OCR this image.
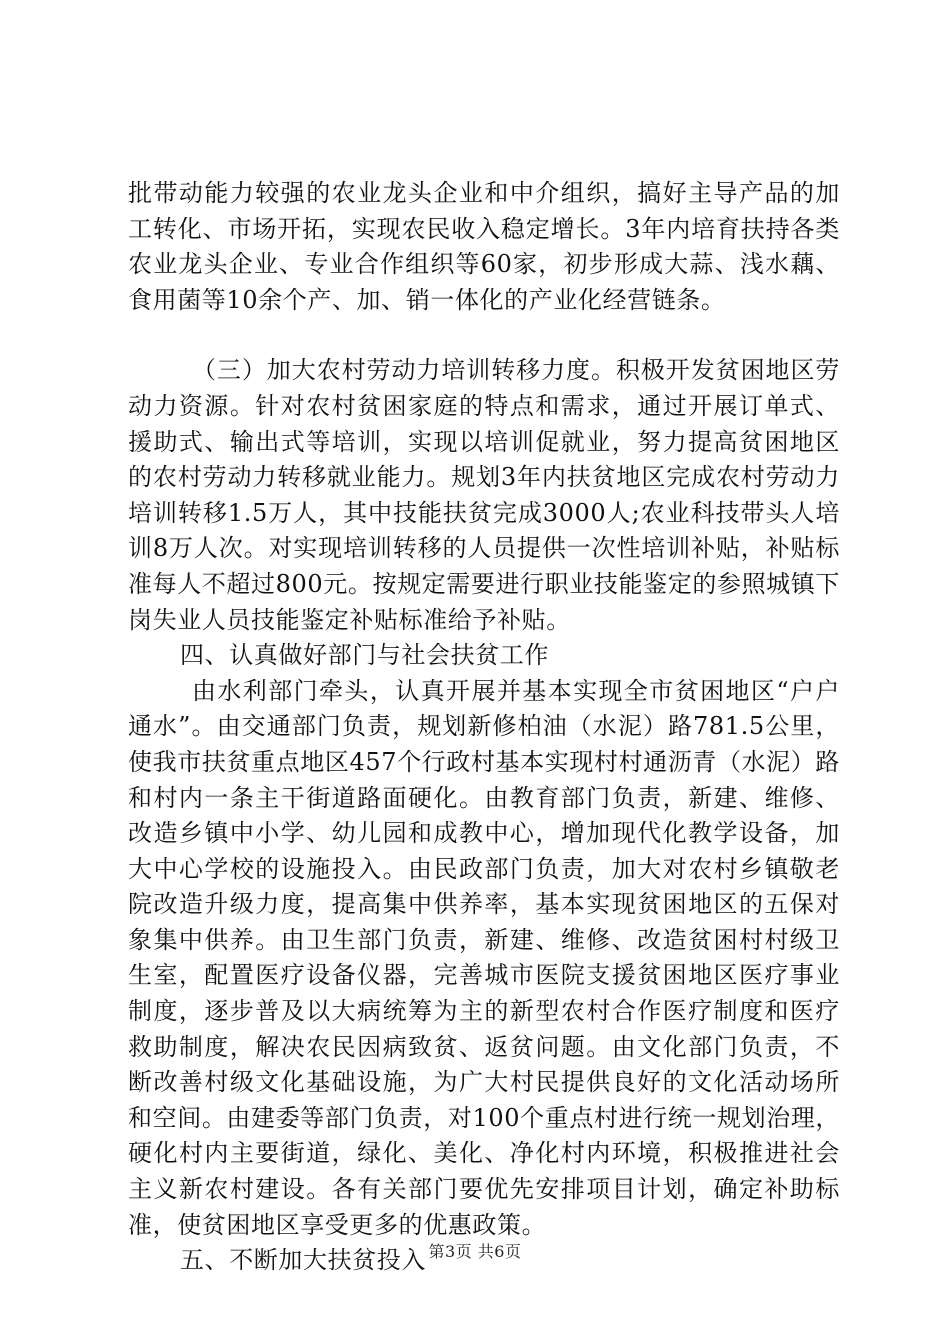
批带动能力较强的农业龙头企业和中介组织，搞好主导产品的加工转化、市场开拓，实现农民收入稳定增长。3年内培育扶持各类农业龙头企业、专业合作组织等60家，初步形成大蒜、浅水藕、食用菌等10余个产、加、销一体化的产业化经营链条。

（三）加大农村劳动力培训转移力度。积极开发贫困地区劳动力资源。针对农村贫困家庭的特点和需求，通过开展订单式、援助式、输出式等培训，实现以培训促就业，努力提高贫困地区的农村劳动力转移就业能力。规划3年内扶贫地区完成农村劳动力培训转移1.5万人，其中技能扶贫完成3000人;农业科技带头人培训8万人次。对实现培训转移的人员提供一次性培训补贴，补贴标准每人不超过800元。按规定需要进行职业技能鉴定的参照城镇下岗失业人员技能鉴定补贴标准给予补贴。

四、认真做好部门与社会扶贫工作

由水利部门牵头，认真开展并基本实现全市贫困地区“户户通水”。由交通部门负责，规划新修柏油（水泥）路781.5公里，使我市扶贫重点地区457个行政村基本实现村村通沥青（水泥）路和村内一条主干街道路面硬化。由教育部门负责，新建、维修、改造乡镇中小学、幼儿园和成教中心，增加现代化教学设备，加大中心学校的设施投入。由民政部门负责，加大对农村乡镇敬老院改造升级力度，提高集中供养率，基本实现贫困地区的五保对象集中供养。由卫生部门负责，新建、维修、改造贫困村村级卫生室，配置医疗设备仪器，完善城市医院支援贫困地区医疗事业制度，逐步普及以大病统筹为主的新型农村合作医疗制度和医疗救助制度，解决农民因病致贫、返贫问题。由文化部门负责，不断改善村级文化基础设施，为广大村民提供良好的文化活动场所和空间。由建委等部门负责，对100个重点村进行统一规划治理，硬化村内主要街道，绿化、美化、净化村内环境，积极推进社会主义新农村建设。各有关部门要优先安排项目计划，确定补助标准，使贫困地区享受更多的优惠政策。

五、不断加大扶贫投入 第3页 共6页
